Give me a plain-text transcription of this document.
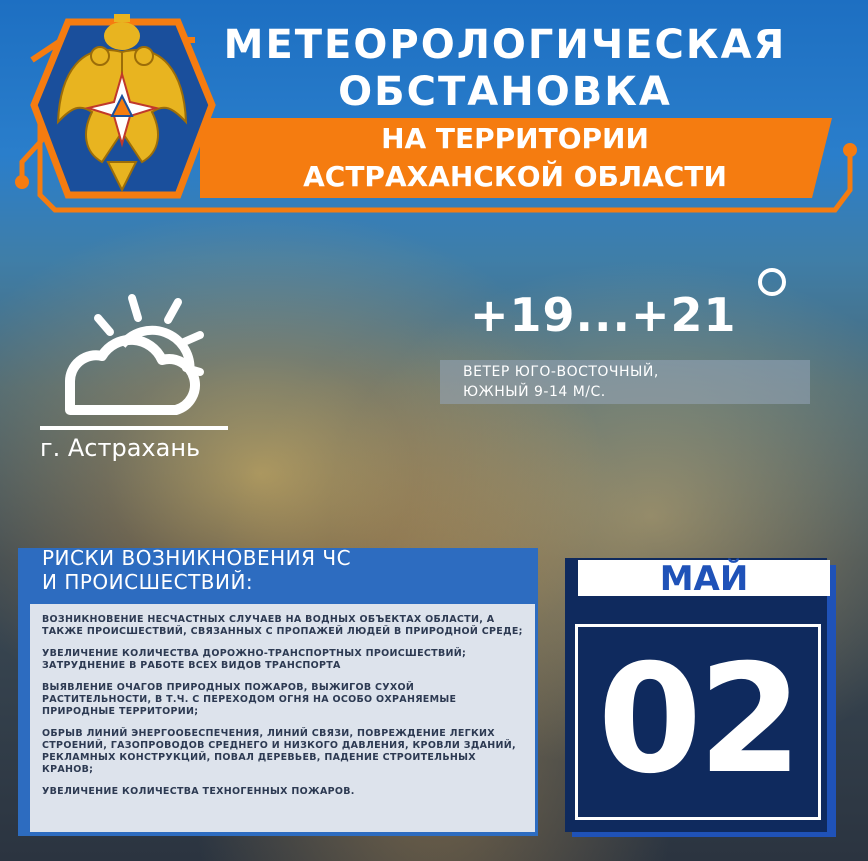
МЕТЕОРОЛОГИЧЕСКАЯ
ОБСТАНОВКА
НА ТЕРРИТОРИИ
АСТРАХАНСКОЙ ОБЛАСТИ
г. Астрахань
+19...+21
ВЕТЕР ЮГО-ВОСТОЧНЫЙ,
ЮЖНЫЙ 9-14 М/С.
РИСКИ ВОЗНИКНОВЕНИЯ ЧС
И ПРОИСШЕСТВИЙ:

ВОЗНИКНОВЕНИЕ НЕСЧАСТНЫХ СЛУЧАЕВ НА ВОДНЫХ ОБЪЕКТАХ ОБЛАСТИ, А ТАКЖЕ ПРОИСШЕСТВИЙ, СВЯЗАННЫХ С ПРОПАЖЕЙ ЛЮДЕЙ В ПРИРОДНОЙ СРЕДЕ;

УВЕЛИЧЕНИЕ КОЛИЧЕСТВА ДОРОЖНО-ТРАНСПОРТНЫХ ПРОИСШЕСТВИЙ; ЗАТРУДНЕНИЕ В РАБОТЕ ВСЕХ ВИДОВ ТРАНСПОРТА

ВЫЯВЛЕНИЕ ОЧАГОВ ПРИРОДНЫХ ПОЖАРОВ, ВЫЖИГОВ СУХОЙ РАСТИТЕЛЬНОСТИ, В Т.Ч. С ПЕРЕХОДОМ ОГНЯ НА ОСОБО ОХРАНЯЕМЫЕ ПРИРОДНЫЕ ТЕРРИТОРИИ;

ОБРЫВ ЛИНИЙ ЭНЕРГООБЕСПЕЧЕНИЯ, ЛИНИЙ СВЯЗИ, ПОВРЕЖДЕНИЕ ЛЕГКИХ СТРОЕНИЙ, ГАЗОПРОВОДОВ СРЕДНЕГО И НИЗКОГО ДАВЛЕНИЯ, КРОВЛИ ЗДАНИЙ, РЕКЛАМНЫХ КОНСТРУКЦИЙ, ПОВАЛ ДЕРЕВЬЕВ, ПАДЕНИЕ СТРОИТЕЛЬНЫХ КРАНОВ;

УВЕЛИЧЕНИЕ КОЛИЧЕСТВА ТЕХНОГЕННЫХ ПОЖАРОВ.

МАЙ
02
